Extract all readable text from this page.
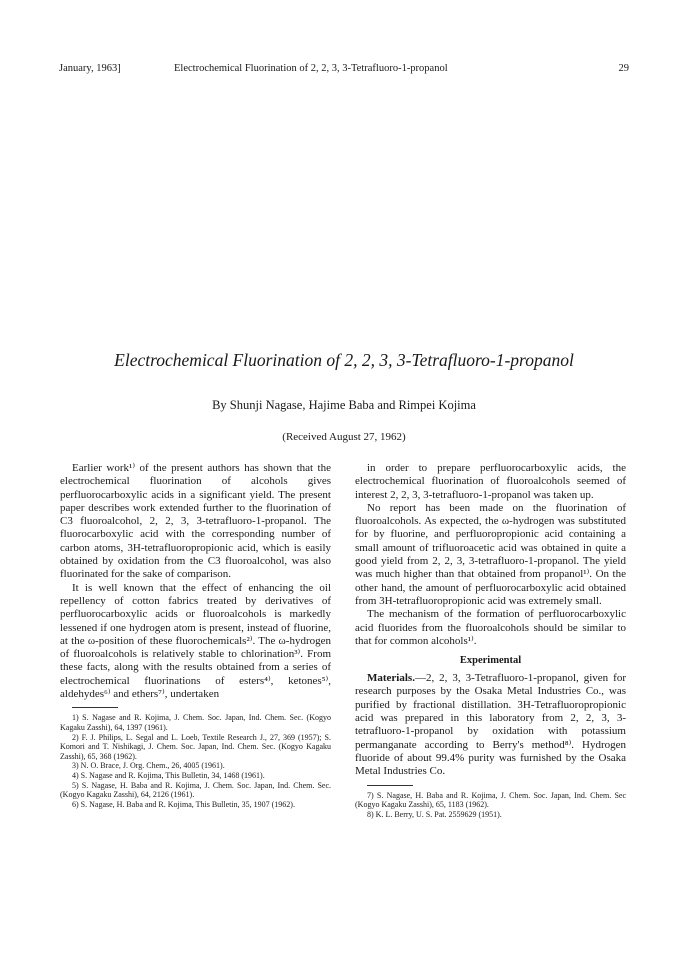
January, 1963]	Electrochemical Fluorination of 2, 2, 3, 3-Tetrafluoro-1-propanol	29
Electrochemical Fluorination of 2, 2, 3, 3-Tetrafluoro-1-propanol
By Shunji Nagase, Hajime Baba and Rimpei Kojima
(Received August 27, 1962)

Earlier work¹⁾ of the present authors has shown that the electrochemical fluorination of alcohols gives perfluorocarboxylic acids in a significant yield. The present paper describes work extended further to the fluorination of C3 fluoroalcohol, 2, 2, 3, 3-tetrafluoro-1-propanol. The fluorocarboxylic acid with the corresponding number of carbon atoms, 3H-tetrafluoropropionic acid, which is easily obtained by oxidation from the C3 fluoroalcohol, was also fluorinated for the sake of comparison.

It is well known that the effect of enhancing the oil repellency of cotton fabrics treated by derivatives of perfluorocarboxylic acids or fluoroalcohols is markedly lessened if one hydrogen atom is present, instead of fluorine, at the ω-position of these fluorochemicals²⁾. The ω-hydrogen of fluoroalcohols is relatively stable to chlorination³⁾. From these facts, along with the results obtained from a series of electrochemical fluorinations of esters⁴⁾, ketones⁵⁾, aldehydes⁶⁾ and ethers⁷⁾, undertaken

1) S. Nagase and R. Kojima, J. Chem. Soc. Japan, Ind. Chem. Sec. (Kogyo Kagaku Zasshi), 64, 1397 (1961).
2) F. J. Philips, L. Segal and L. Loeb, Textile Research J., 27, 369 (1957); S. Komori and T. Nishikagi, J. Chem. Soc. Japan, Ind. Chem. Sec. (Kogyo Kagaku Zasshi), 65, 368 (1962).
3) N. O. Brace, J. Org. Chem., 26, 4005 (1961).
4) S. Nagase and R. Kojima, This Bulletin, 34, 1468 (1961).
5) S. Nagase, H. Baba and R. Kojima, J. Chem. Soc. Japan, Ind. Chem. Sec. (Kogyo Kagaku Zasshi), 64, 2126 (1961).
6) S. Nagase, H. Baba and R. Kojima, This Bulletin, 35, 1907 (1962).

in order to prepare perfluorocarboxylic acids, the electrochemical fluorination of fluoroalcohols seemed of interest 2, 2, 3, 3-tetrafluoro-1-propanol was taken up.

No report has been made on the fluorination of fluoroalcohols. As expected, the ω-hydrogen was substituted for by fluorine, and perfluoropropionic acid containing a small amount of trifluoroacetic acid was obtained in quite a good yield from 2, 2, 3, 3-tetrafluoro-1-propanol. The yield was much higher than that obtained from propanol¹⁾. On the other hand, the amount of perfluorocarboxylic acid obtained from 3H-tetrafluoropropionic acid was extremely small.

The mechanism of the formation of perfluorocarboxylic acid fluorides from the fluoroalcohols should be similar to that for common alcohols¹⁾.

Experimental

Materials.—2, 2, 3, 3-Tetrafluoro-1-propanol, given for research purposes by the Osaka Metal Industries Co., was purified by fractional distillation. 3H-Tetrafluoropropionic acid was prepared in this laboratory from 2, 2, 3, 3-tetrafluoro-1-propanol by oxidation with potassium permanganate according to Berry's method⁸⁾. Hydrogen fluoride of about 99.4% purity was furnished by the Osaka Metal Industries Co.

7) S. Nagase, H. Baba and R. Kojima, J. Chem. Soc. Japan, Ind. Chem. Sec (Kogyo Kagaku Zasshi), 65, 1183 (1962).
8) K. L. Berry, U. S. Pat. 2559629 (1951).
